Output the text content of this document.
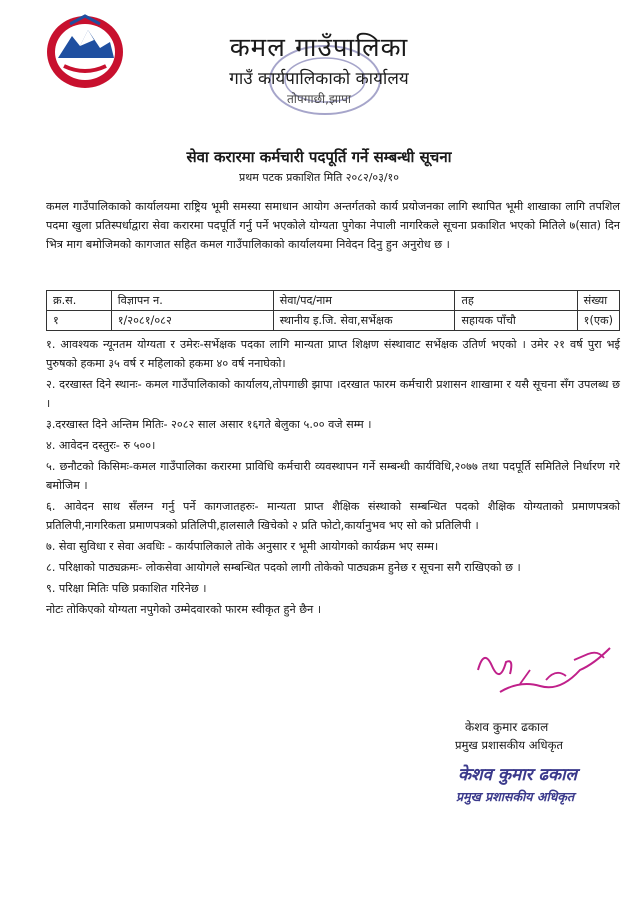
कमल गाउँपालिका
गाउँ कार्यपालिकाको कार्यालय
तोपगाछी,झापा
सेवा करारमा कर्मचारी पदपूर्ति गर्ने सम्बन्धी सूचना
प्रथम पटक प्रकाशित मिति २०८२/०३/१०
कमल गाउँपालिकाको कार्यालयमा राष्ट्रिय भूमी समस्या समाधान आयोग अन्तर्गतको कार्य प्रयोजनका लागि स्थापित भूमी शाखाका लागि तपशिल पदमा खुला प्रतिस्पर्धाद्वारा सेवा करारमा पदपूर्ति गर्नु पर्ने भएकोले योग्यता पुगेका नेपाली नागरिकले सूचना प्रकाशित भएको मितिले ७(सात) दिन भित्र माग बमोजिमको कागजात सहित कमल गाउँपालिकाको कार्यालयमा निवेदन दिनु हुन अनुरोध छ ।
क्र.स.	विज्ञापन न.	सेवा/पद/नाम	तह	संख्या
१	१/२०८१/०८२	स्थानीय इ.जि. सेवा,सर्भेक्षक	सहायक पाँचौ	१(एक)
१. आवश्यक न्यूनतम योग्यता र उमेरः-सर्भेक्षक पदका लागि मान्यता प्राप्त शिक्षण संस्थावाट सर्भेक्षक उतिर्ण भएको । उमेर २१ वर्ष पुरा भई पुरुषको हकमा ३५ वर्ष र महिलाको हकमा ४० वर्ष ननाघेको।
२. दरखास्त दिने स्थानः- कमल गाउँपालिकाको कार्यालय,तोपगाछी झापा ।दरखात फारम कर्मचारी प्रशासन शाखामा र यसै सूचना सँग उपलब्ध छ ।
३.दरखास्त दिने अन्तिम मितिः- २०८२ साल असार १६गते बेलुका ५.०० वजे सम्म ।
४. आवेदन दस्तुरः- रु ५००।
५. छनौटको किसिमः-कमल गाउँपालिका करारमा प्राविधि कर्मचारी व्यवस्थापन गर्ने सम्बन्धी कार्यविधि,२०७७ तथा पदपूर्ति समितिले निर्धारण गरे बमोजिम ।
६. आवेदन साथ सँलग्न गर्नु पर्ने कागजातहरुः- मान्यता प्राप्त शैक्षिक संस्थाको सम्बन्धित पदको शैक्षिक योग्यताको प्रमाणपत्रको प्रतिलिपी,नागरिकता प्रमाणपत्रको प्रतिलिपी,हालसालै खिचेको २ प्रति फोटो,कार्यानुभव भए सो को प्रतिलिपी ।
७. सेवा सुविधा र सेवा अवधिः - कार्यपालिकाले तोके अनुसार र भूमी आयोगको कार्यक्रम भए सम्म।
८. परिक्षाको पाठ्यक्रमः- लोकसेवा आयोगले सम्बन्धित पदको लागी तोकेको पाठ्यक्रम हुनेछ र सूचना सगै राखिएको छ ।
९. परिक्षा मितिः पछि प्रकाशित गरिनेछ ।
नोटः तोकिएको योग्यता नपुगेको उम्मेदवारको फारम स्वीकृत हुने छैन ।
केशव कुमार ढकाल
प्रमुख प्रशासकीय अधिकृत
केशव कुमार ढकाल
प्रमुख प्रशासकीय अधिकृत
